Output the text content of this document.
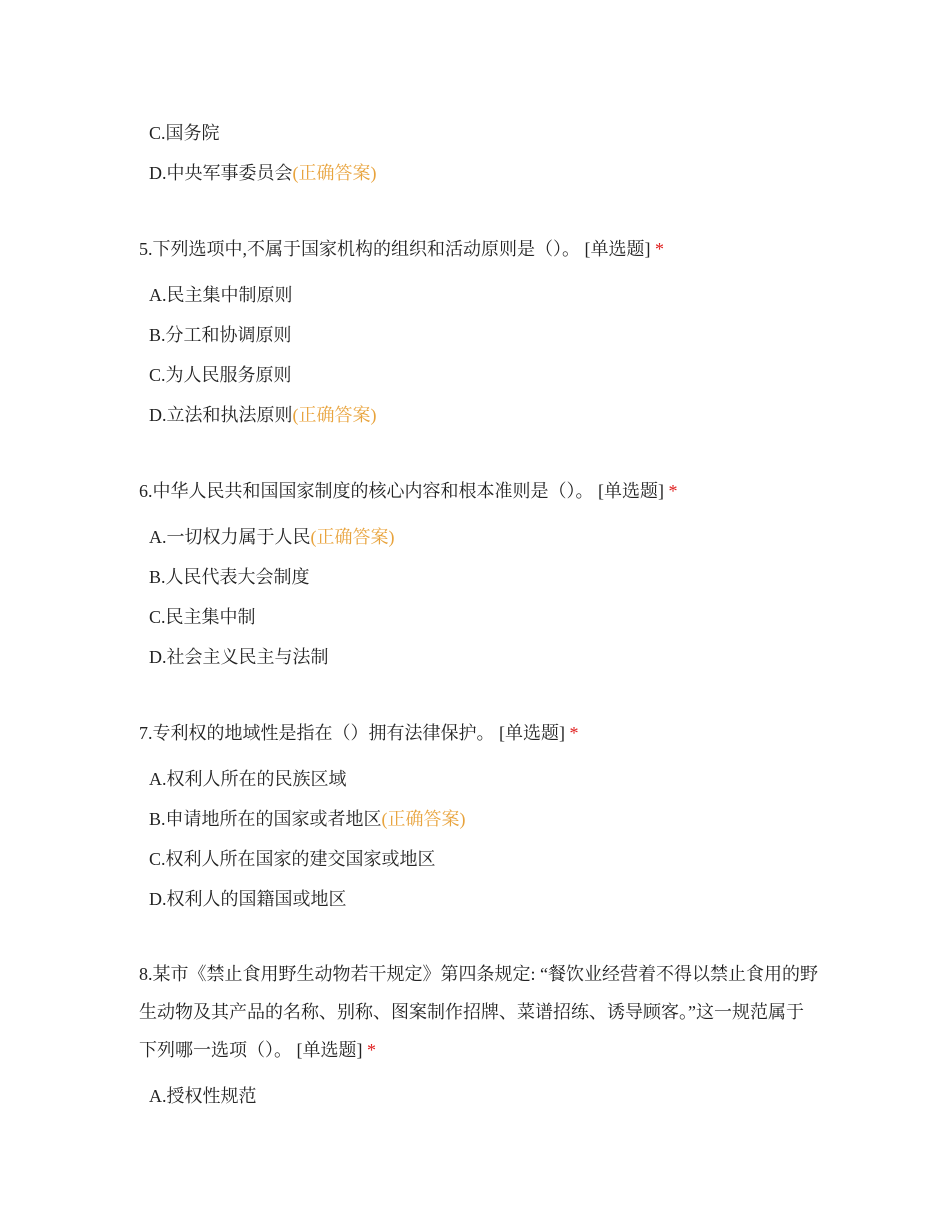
C.国务院
D.中央军事委员会(正确答案)

5.下列选项中,不属于国家机构的组织和活动原则是（）。 [单选题] *

A.民主集中制原则
B.分工和协调原则
C.为人民服务原则
D.立法和执法原则(正确答案)

6.中华人民共和国国家制度的核心内容和根本准则是（）。 [单选题] *

A.一切权力属于人民(正确答案)
B.人民代表大会制度
C.民主集中制
D.社会主义民主与法制

7.专利权的地域性是指在（）拥有法律保护。 [单选题] *

A.权利人所在的民族区域
B.申请地所在的国家或者地区(正确答案)
C.权利人所在国家的建交国家或地区
D.权利人的国籍国或地区

8.某市《禁止食用野生动物若干规定》第四条规定: “餐饮业经营着不得以禁止食用的野生动物及其产品的名称、别称、图案制作招牌、菜谱招练、诱导顾客。”这一规范属于下列哪一选项（）。 [单选题] *

A.授权性规范
